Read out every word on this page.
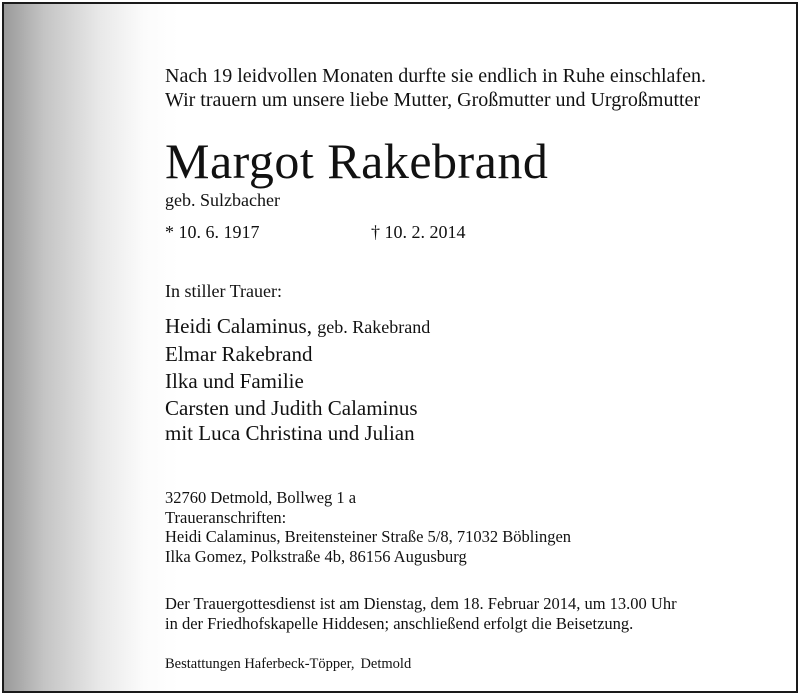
Nach 19 leidvollen Monaten durfte sie endlich in Ruhe einschlafen.
Wir trauern um unsere liebe Mutter, Großmutter und Urgroßmutter
Margot Rakebrand
geb. Sulzbacher
* 10. 6. 1917	† 10. 2. 2014
In stiller Trauer:
Heidi Calaminus, geb. Rakebrand
Elmar Rakebrand
Ilka und Familie
Carsten und Judith Calaminus
mit Luca Christina und Julian
32760 Detmold, Bollweg 1 a
Traueranschriften:
Heidi Calaminus, Breitensteiner Straße 5/8, 71032 Böblingen
Ilka Gomez, Polkstraße 4b, 86156 Augusburg
Der Trauergottesdienst ist am Dienstag, dem 18. Februar 2014, um 13.00 Uhr
in der Friedhofskapelle Hiddesen; anschließend erfolgt die Beisetzung.
Bestattungen Haferbeck-Töpper, Detmold
